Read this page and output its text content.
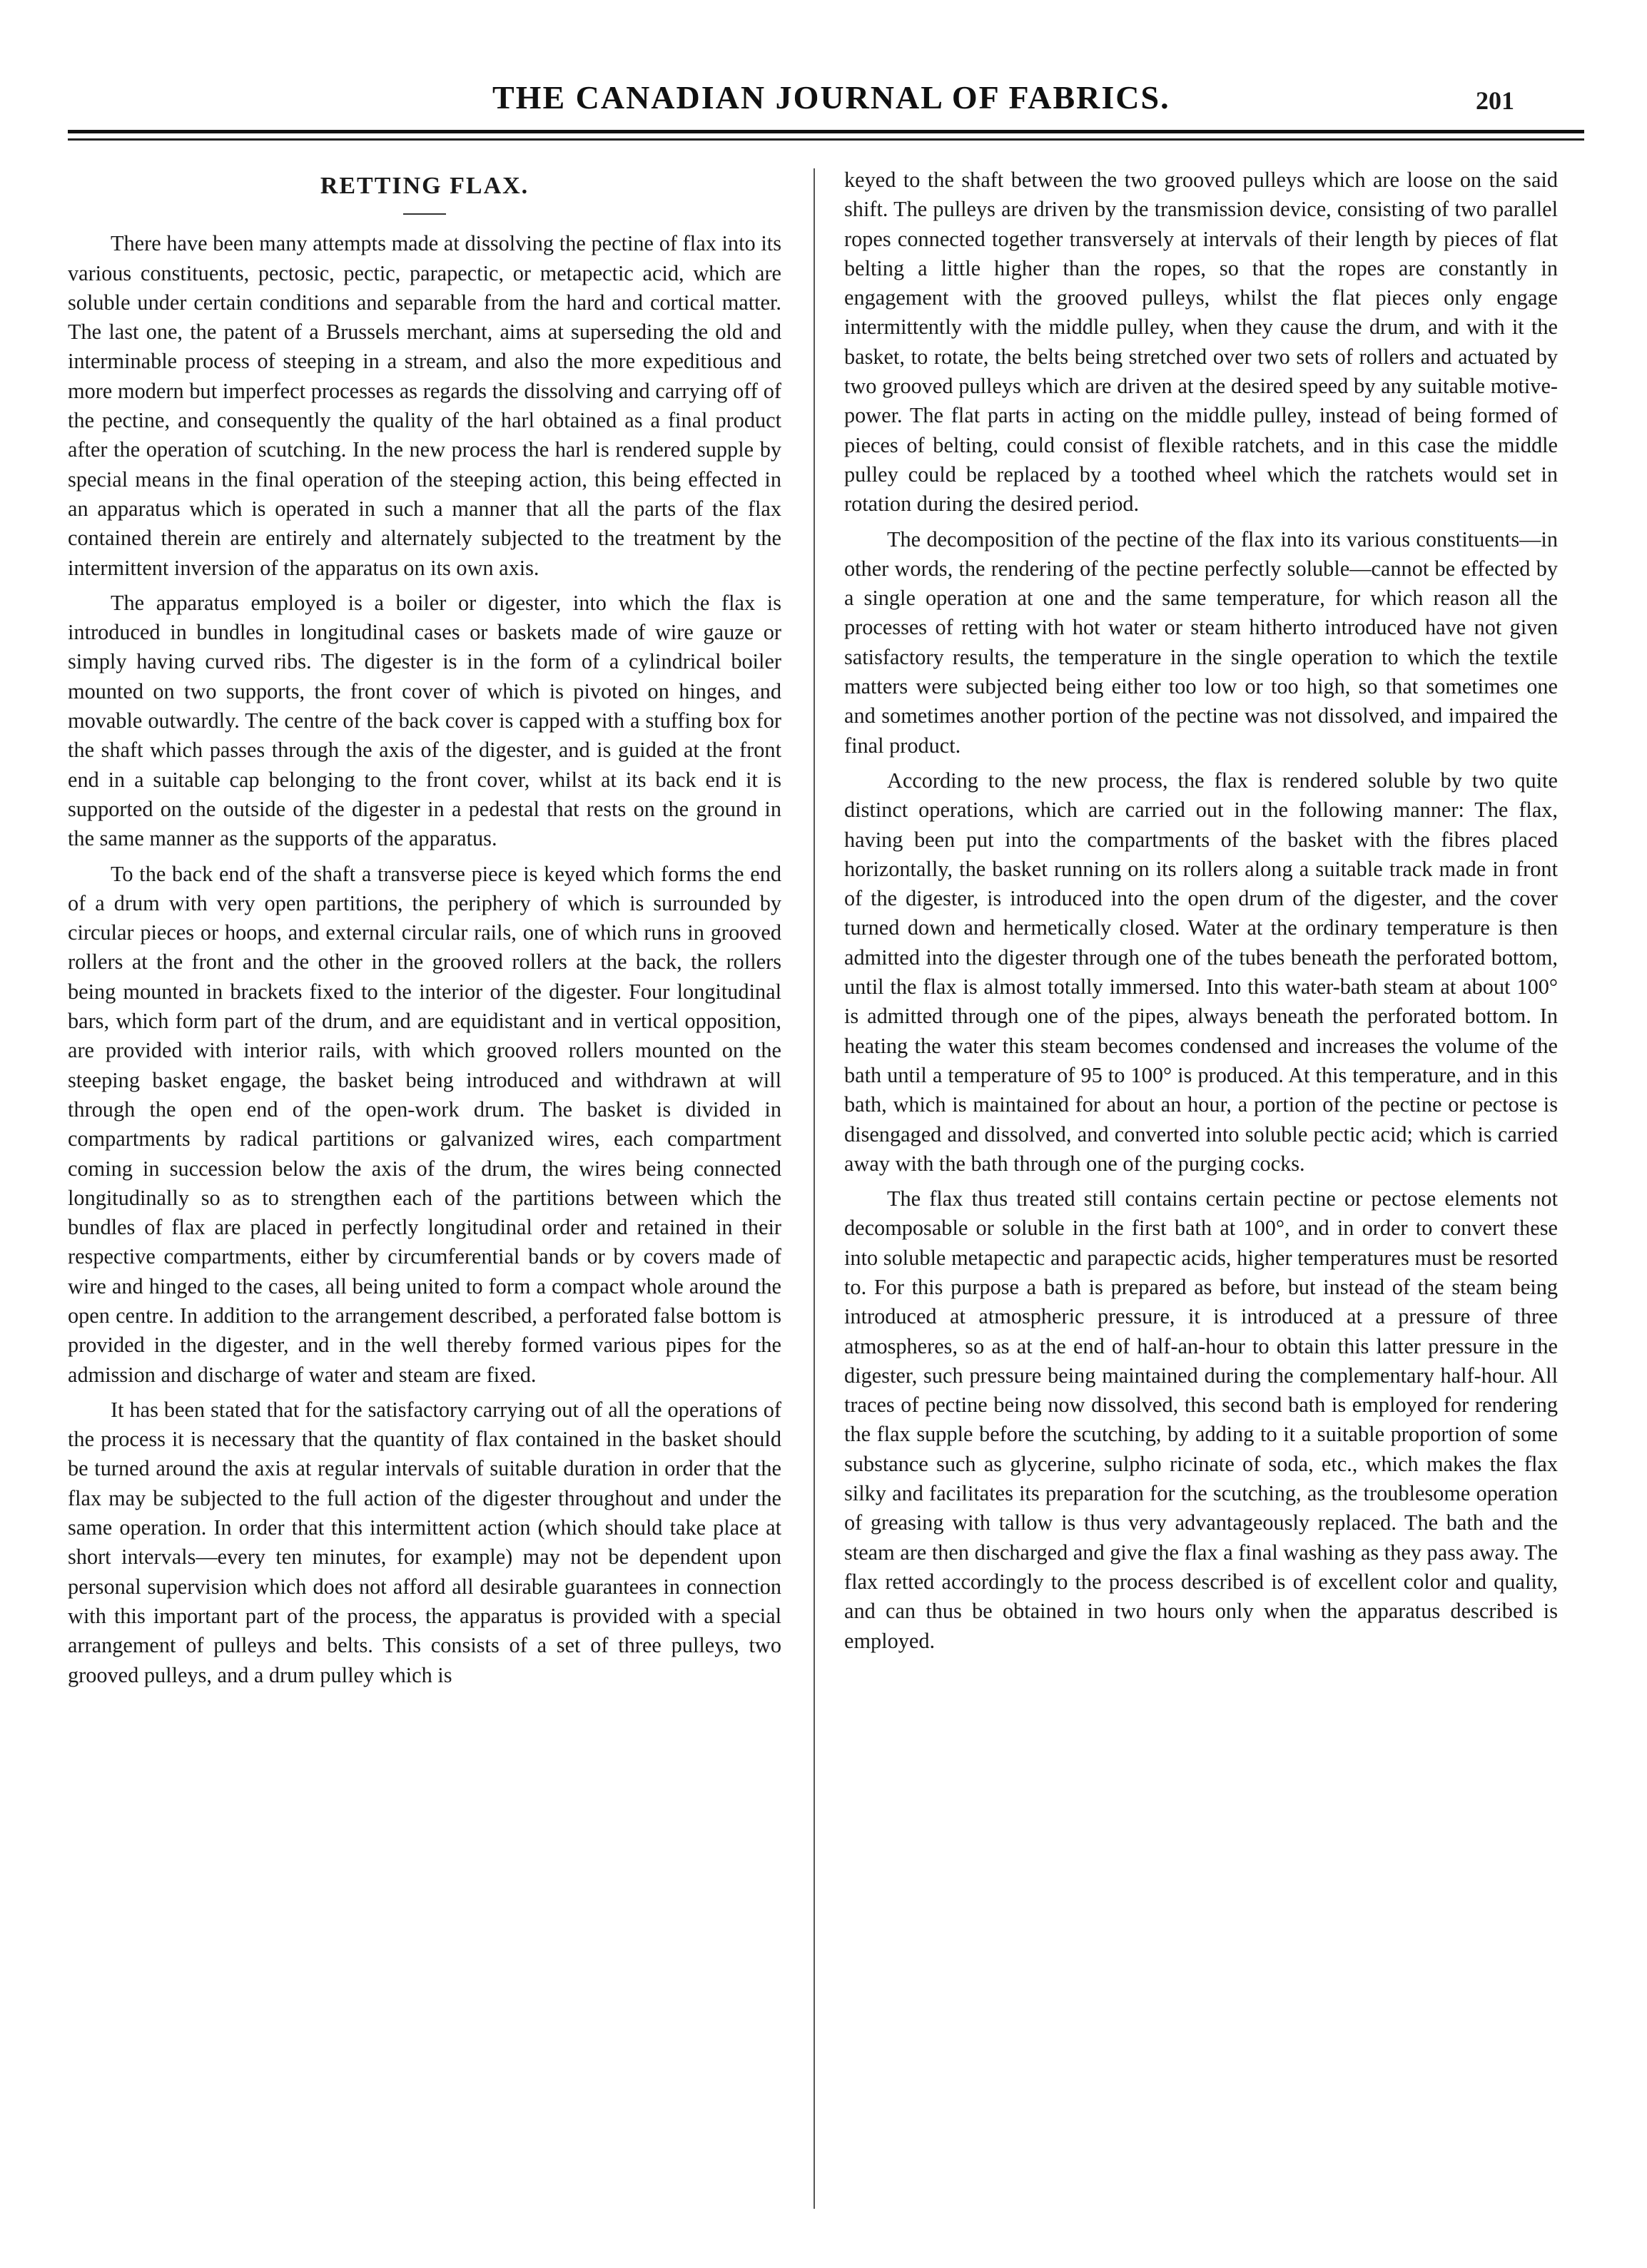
THE CANADIAN JOURNAL OF FABRICS.	201
RETTING FLAX.

There have been many attempts made at dissolving the pectine of flax into its various constituents, pectosic, pectic, parapectic, or metapectic acid, which are soluble under certain conditions and separable from the hard and cortical matter. The last one, the patent of a Brussels merchant, aims at superseding the old and interminable process of steeping in a stream, and also the more expeditious and more modern but imperfect processes as regards the dissolving and carrying off of the pectine, and consequently the quality of the harl obtained as a final product after the operation of scutching. In the new process the harl is rendered supple by special means in the final operation of the steeping action, this being effected in an apparatus which is operated in such a manner that all the parts of the flax contained therein are entirely and alternately subjected to the treatment by the intermittent inversion of the apparatus on its own axis.

The apparatus employed is a boiler or digester, into which the flax is introduced in bundles in longitudinal cases or baskets made of wire gauze or simply having curved ribs. The digester is in the form of a cylindrical boiler mounted on two supports, the front cover of which is pivoted on hinges, and movable outwardly. The centre of the back cover is capped with a stuffing box for the shaft which passes through the axis of the digester, and is guided at the front end in a suitable cap belonging to the front cover, whilst at its back end it is supported on the outside of the digester in a pedestal that rests on the ground in the same manner as the supports of the apparatus.

To the back end of the shaft a transverse piece is keyed which forms the end of a drum with very open partitions, the periphery of which is surrounded by circular pieces or hoops, and external circular rails, one of which runs in grooved rollers at the front and the other in the grooved rollers at the back, the rollers being mounted in brackets fixed to the interior of the digester. Four longitudinal bars, which form part of the drum, and are equidistant and in vertical opposition, are provided with interior rails, with which grooved rollers mounted on the steeping basket engage, the basket being introduced and withdrawn at will through the open end of the open-work drum. The basket is divided in compartments by radical partitions or galvanized wires, each compartment coming in succession below the axis of the drum, the wires being connected longitudinally so as to strengthen each of the partitions between which the bundles of flax are placed in perfectly longitudinal order and retained in their respective compartments, either by circumferential bands or by covers made of wire and hinged to the cases, all being united to form a compact whole around the open centre. In addition to the arrangement described, a perforated false bottom is provided in the digester, and in the well thereby formed various pipes for the admission and discharge of water and steam are fixed.

It has been stated that for the satisfactory carrying out of all the operations of the process it is necessary that the quantity of flax contained in the basket should be turned around the axis at regular intervals of suitable duration in order that the flax may be subjected to the full action of the digester throughout and under the same operation. In order that this intermittent action (which should take place at short intervals—every ten minutes, for example) may not be dependent upon personal supervision which does not afford all desirable guarantees in connection with this important part of the process, the apparatus is provided with a special arrangement of pulleys and belts. This consists of a set of three pulleys, two grooved pulleys, and a drum pulley which is

keyed to the shaft between the two grooved pulleys which are loose on the said shift. The pulleys are driven by the transmission device, consisting of two parallel ropes connected together transversely at intervals of their length by pieces of flat belting a little higher than the ropes, so that the ropes are constantly in engagement with the grooved pulleys, whilst the flat pieces only engage intermittently with the middle pulley, when they cause the drum, and with it the basket, to rotate, the belts being stretched over two sets of rollers and actuated by two grooved pulleys which are driven at the desired speed by any suitable motive-power. The flat parts in acting on the middle pulley, instead of being formed of pieces of belting, could consist of flexible ratchets, and in this case the middle pulley could be replaced by a toothed wheel which the ratchets would set in rotation during the desired period.

The decomposition of the pectine of the flax into its various constituents—in other words, the rendering of the pectine perfectly soluble—cannot be effected by a single operation at one and the same temperature, for which reason all the processes of retting with hot water or steam hitherto introduced have not given satisfactory results, the temperature in the single operation to which the textile matters were subjected being either too low or too high, so that sometimes one and sometimes another portion of the pectine was not dissolved, and impaired the final product.

According to the new process, the flax is rendered soluble by two quite distinct operations, which are carried out in the following manner: The flax, having been put into the compartments of the basket with the fibres placed horizontally, the basket running on its rollers along a suitable track made in front of the digester, is introduced into the open drum of the digester, and the cover turned down and hermetically closed. Water at the ordinary temperature is then admitted into the digester through one of the tubes beneath the perforated bottom, until the flax is almost totally immersed. Into this water-bath steam at about 100° is admitted through one of the pipes, always beneath the perforated bottom. In heating the water this steam becomes condensed and increases the volume of the bath until a temperature of 95 to 100° is produced. At this temperature, and in this bath, which is maintained for about an hour, a portion of the pectine or pectose is disengaged and dissolved, and converted into soluble pectic acid; which is carried away with the bath through one of the purging cocks.

The flax thus treated still contains certain pectine or pectose elements not decomposable or soluble in the first bath at 100°, and in order to convert these into soluble metapectic and parapectic acids, higher temperatures must be resorted to. For this purpose a bath is prepared as before, but instead of the steam being introduced at atmospheric pressure, it is introduced at a pressure of three atmospheres, so as at the end of half-an-hour to obtain this latter pressure in the digester, such pressure being maintained during the complementary half-hour. All traces of pectine being now dissolved, this second bath is employed for rendering the flax supple before the scutching, by adding to it a suitable proportion of some substance such as glycerine, sulpho ricinate of soda, etc., which makes the flax silky and facilitates its preparation for the scutching, as the troublesome operation of greasing with tallow is thus very advantageously replaced. The bath and the steam are then discharged and give the flax a final washing as they pass away. The flax retted accordingly to the process described is of excellent color and quality, and can thus be obtained in two hours only when the apparatus described is employed.
